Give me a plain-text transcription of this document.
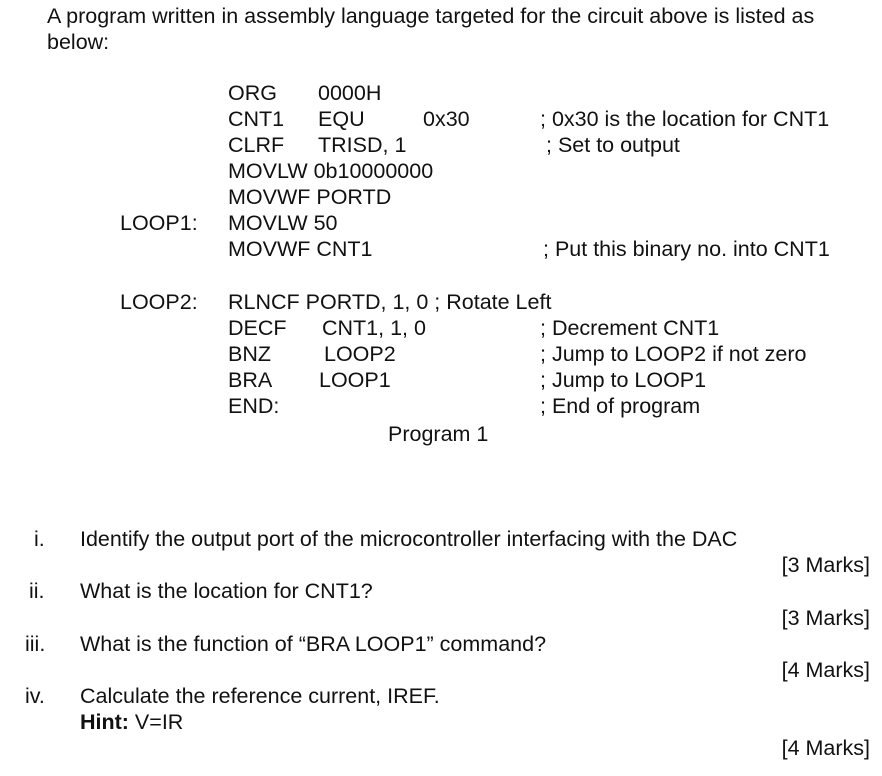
A program written in assembly language targeted for the circuit above is listed as below:
ORG 0000H
CNT1 EQU	0x30	; 0x30 is the location for CNT1
CLRF TRISD, 1	; Set to output
MOVLW 0b10000000
MOVWF PORTD
LOOP1: MOVLW 50
MOVWF CNT1	; Put this binary no. into CNT1
LOOP2: RLNCF PORTD, 1, 0 ; Rotate Left
DECF CNT1, 1, 0	; Decrement CNT1
BNZ LOOP2	; Jump to LOOP2 if not zero
BRA LOOP1	; Jump to LOOP1
END:	; End of program
Program 1
i. Identify the output port of the microcontroller interfacing with the DAC
[3 Marks]
ii. What is the location for CNT1?
[3 Marks]
iii. What is the function of “BRA LOOP1” command?
[4 Marks]
iv. Calculate the reference current, IREF.
Hint: V=IR
[4 Marks]
